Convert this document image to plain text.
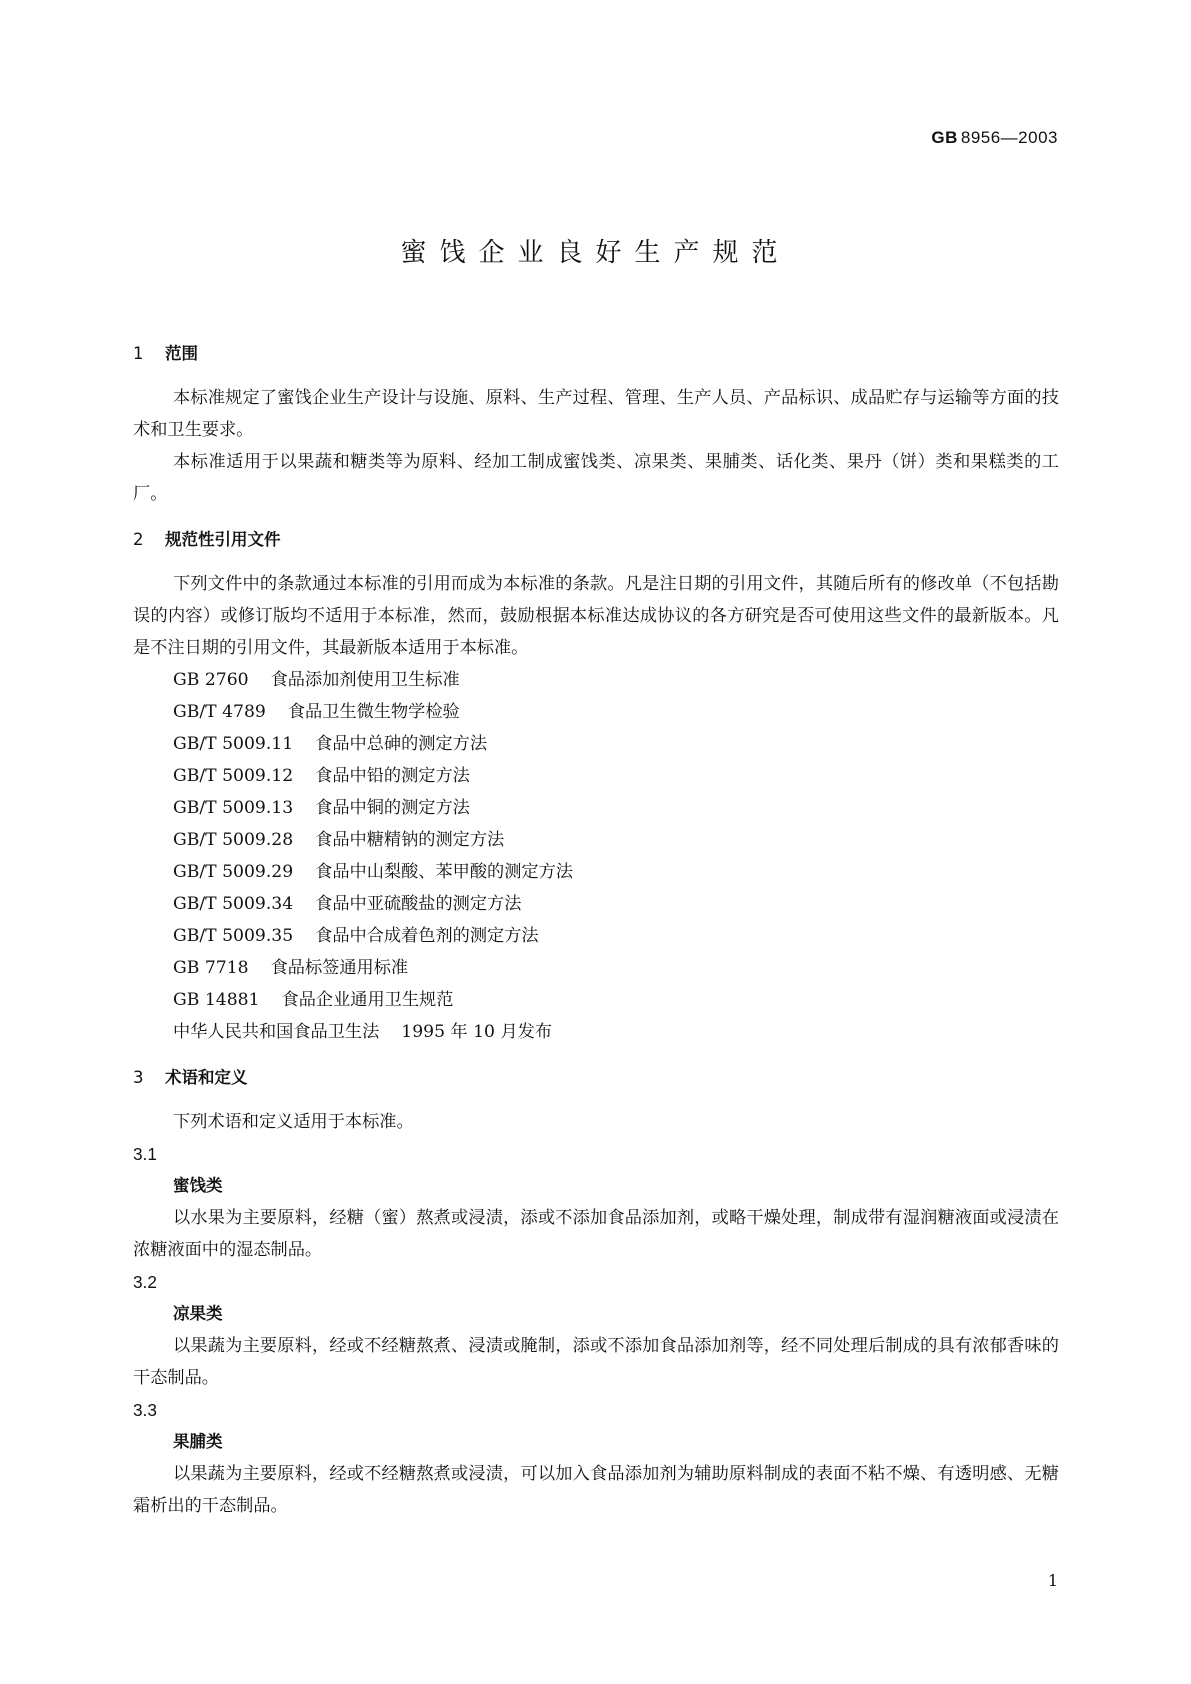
GB 8956—2003
蜜饯企业良好生产规范
1	范围

本标准规定了蜜饯企业生产设计与设施、原料、生产过程、管理、生产人员、产品标识、成品贮存与运输等方面的技术和卫生要求。

本标准适用于以果蔬和糖类等为原料、经加工制成蜜饯类、凉果类、果脯类、话化类、果丹（饼）类和果糕类的工厂。

2	规范性引用文件

下列文件中的条款通过本标准的引用而成为本标准的条款。凡是注日期的引用文件，其随后所有的修改单（不包括勘误的内容）或修订版均不适用于本标准，然而，鼓励根据本标准达成协议的各方研究是否可使用这些文件的最新版本。凡是不注日期的引用文件，其最新版本适用于本标准。

GB 2760 食品添加剂使用卫生标准
GB/T 4789 食品卫生微生物学检验
GB/T 5009.11 食品中总砷的测定方法
GB/T 5009.12 食品中铅的测定方法
GB/T 5009.13 食品中铜的测定方法
GB/T 5009.28 食品中糖精钠的测定方法
GB/T 5009.29 食品中山梨酸、苯甲酸的测定方法
GB/T 5009.34 食品中亚硫酸盐的测定方法
GB/T 5009.35 食品中合成着色剂的测定方法
GB 7718 食品标签通用标准
GB 14881 食品企业通用卫生规范
中华人民共和国食品卫生法 1995 年 10 月发布
3	术语和定义

下列术语和定义适用于本标准。

3.1
蜜饯类

以水果为主要原料，经糖（蜜）熬煮或浸渍，添或不添加食品添加剂，或略干燥处理，制成带有湿润糖液面或浸渍在浓糖液面中的湿态制品。

3.2
凉果类

以果蔬为主要原料，经或不经糖熬煮、浸渍或腌制，添或不添加食品添加剂等，经不同处理后制成的具有浓郁香味的干态制品。

3.3
果脯类

以果蔬为主要原料，经或不经糖熬煮或浸渍，可以加入食品添加剂为辅助原料制成的表面不粘不燥、有透明感、无糖霜析出的干态制品。

1
